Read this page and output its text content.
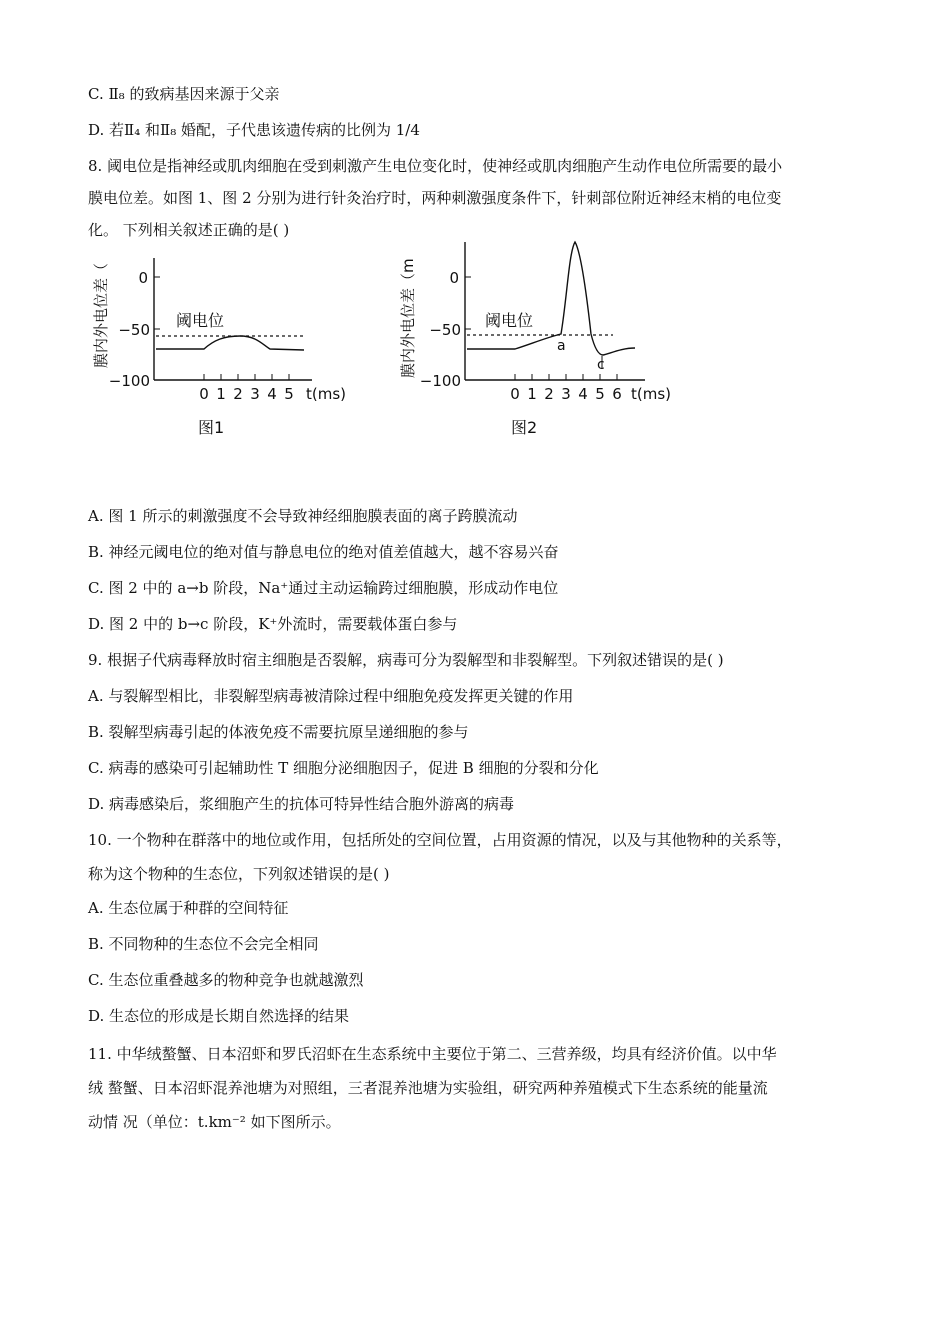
C. Ⅱ₈ 的致病基因来源于父亲
D. 若Ⅱ₄ 和Ⅱ₈ 婚配，子代患该遗传病的比例为 1/4
8. 阈电位是指神经或肌肉细胞在受到刺激产生电位变化时，使神经或肌肉细胞产生动作电位所需要的最小
膜电位差。如图 1、图 2 分别为进行针灸治疗时，两种刺激强度条件下，针刺部位附近神经末梢的电位变
化。 下列相关叙述正确的是( )
膜内外电位差（ 0
−50
−100
0 1 2 3 4 5 t(ms)
阈电位
图1
膜内外电位差（m 0
−50
−100
0 1 2 3 4 5 6 t(ms)
阈电位
a
c
图2
A. 图 1 所示的刺激强度不会导致神经细胞膜表面的离子跨膜流动
B. 神经元阈电位的绝对值与静息电位的绝对值差值越大，越不容易兴奋
C. 图 2 中的 a→b 阶段，Na⁺通过主动运输跨过细胞膜，形成动作电位
D. 图 2 中的 b→c 阶段，K⁺外流时，需要载体蛋白参与
9. 根据子代病毒释放时宿主细胞是否裂解，病毒可分为裂解型和非裂解型。下列叙述错误的是( )
A. 与裂解型相比，非裂解型病毒被清除过程中细胞免疫发挥更关键的作用
B. 裂解型病毒引起的体液免疫不需要抗原呈递细胞的参与
C. 病毒的感染可引起辅助性 T 细胞分泌细胞因子，促进 B 细胞的分裂和分化
D. 病毒感染后，浆细胞产生的抗体可特异性结合胞外游离的病毒
10. 一个物种在群落中的地位或作用，包括所处的空间位置，占用资源的情况，以及与其他物种的关系等，
称为这个物种的生态位，下列叙述错误的是( )
A. 生态位属于种群的空间特征
B. 不同物种的生态位不会完全相同
C. 生态位重叠越多的物种竞争也就越激烈
D. 生态位的形成是长期自然选择的结果
11. 中华绒螯蟹、日本沼虾和罗氏沼虾在生态系统中主要位于第二、三营养级，均具有经济价值。以中华
绒 螯蟹、日本沼虾混养池塘为对照组，三者混养池塘为实验组，研究两种养殖模式下生态系统的能量流
动情 况（单位：t.km⁻² 如下图所示。
